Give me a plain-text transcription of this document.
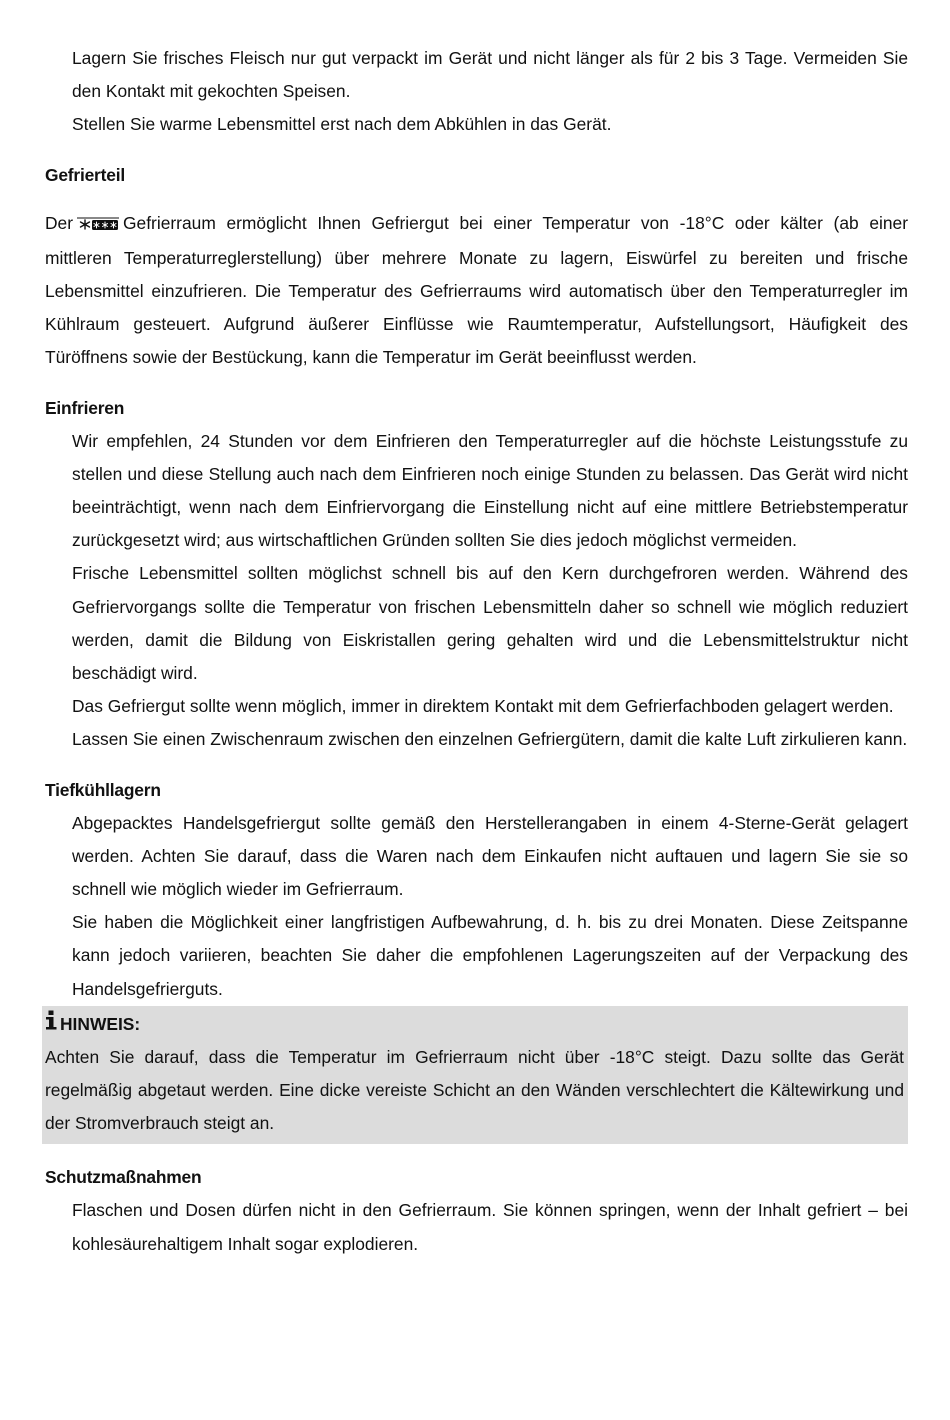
Lagern Sie frisches Fleisch nur gut verpackt im Gerät und nicht länger als für 2 bis 3 Tage. Vermeiden Sie den Kontakt mit gekochten Speisen.

Stellen Sie warme Lebensmittel erst nach dem Abkühlen in das Gerät.

Gefrierteil

Der	Gefrierraum ermöglicht Ihnen Gefriergut bei einer Temperatur von -18°C oder kälter (ab einer mittleren Temperaturreglerstellung) über mehrere Monate zu lagern, Eiswürfel zu bereiten und frische Lebensmittel einzufrieren. Die Temperatur des Gefrierraums wird automatisch über den Temperaturregler im Kühlraum gesteuert. Aufgrund äußerer Einflüsse wie Raumtemperatur, Aufstellungsort, Häufigkeit des Türöffnens sowie der Bestückung, kann die Temperatur im Gerät beeinflusst werden.

Einfrieren

Wir empfehlen, 24 Stunden vor dem Einfrieren den Temperaturregler auf die höchste Leistungsstufe zu stellen und diese Stellung auch nach dem Einfrieren noch einige Stunden zu belassen. Das Gerät wird nicht beeinträchtigt, wenn nach dem Einfriervorgang die Einstellung nicht auf eine mittlere Betriebstemperatur zurückgesetzt wird; aus wirtschaftlichen Gründen sollten Sie dies jedoch möglichst vermeiden.

Frische Lebensmittel sollten möglichst schnell bis auf den Kern durchgefroren werden. Während des Gefriervorgangs sollte die Temperatur von frischen Lebensmitteln daher so schnell wie möglich reduziert werden, damit die Bildung von Eiskristallen gering gehalten wird und die Lebensmittelstruktur nicht beschädigt wird.

Das Gefriergut sollte wenn möglich, immer in direktem Kontakt mit dem Gefrierfachboden gelagert werden.

Lassen Sie einen Zwischenraum zwischen den einzelnen Gefriergütern, damit die kalte Luft zirkulieren kann.

Tiefkühllagern

Abgepacktes Handelsgefriergut sollte gemäß den Herstellerangaben in einem 4-Sterne-Gerät gelagert werden. Achten Sie darauf, dass die Waren nach dem Einkaufen nicht auftauen und lagern Sie sie so schnell wie möglich wieder im Gefrierraum.

Sie haben die Möglichkeit einer langfristigen Aufbewahrung, d. h. bis zu drei Monaten. Diese Zeitspanne kann jedoch variieren, beachten Sie daher die empfohlenen Lagerungszeiten auf der Verpackung des Handelsgefrierguts.

HINWEIS:

Achten Sie darauf, dass die Temperatur im Gefrierraum nicht über -18°C steigt. Dazu sollte das Gerät regelmäßig abgetaut werden. Eine dicke vereiste Schicht an den Wänden verschlechtert die Kältewirkung und der Stromverbrauch steigt an.

Schutzmaßnahmen

Flaschen und Dosen dürfen nicht in den Gefrierraum. Sie können springen, wenn der Inhalt gefriert – bei kohlesäurehaltigem Inhalt sogar explodieren.
